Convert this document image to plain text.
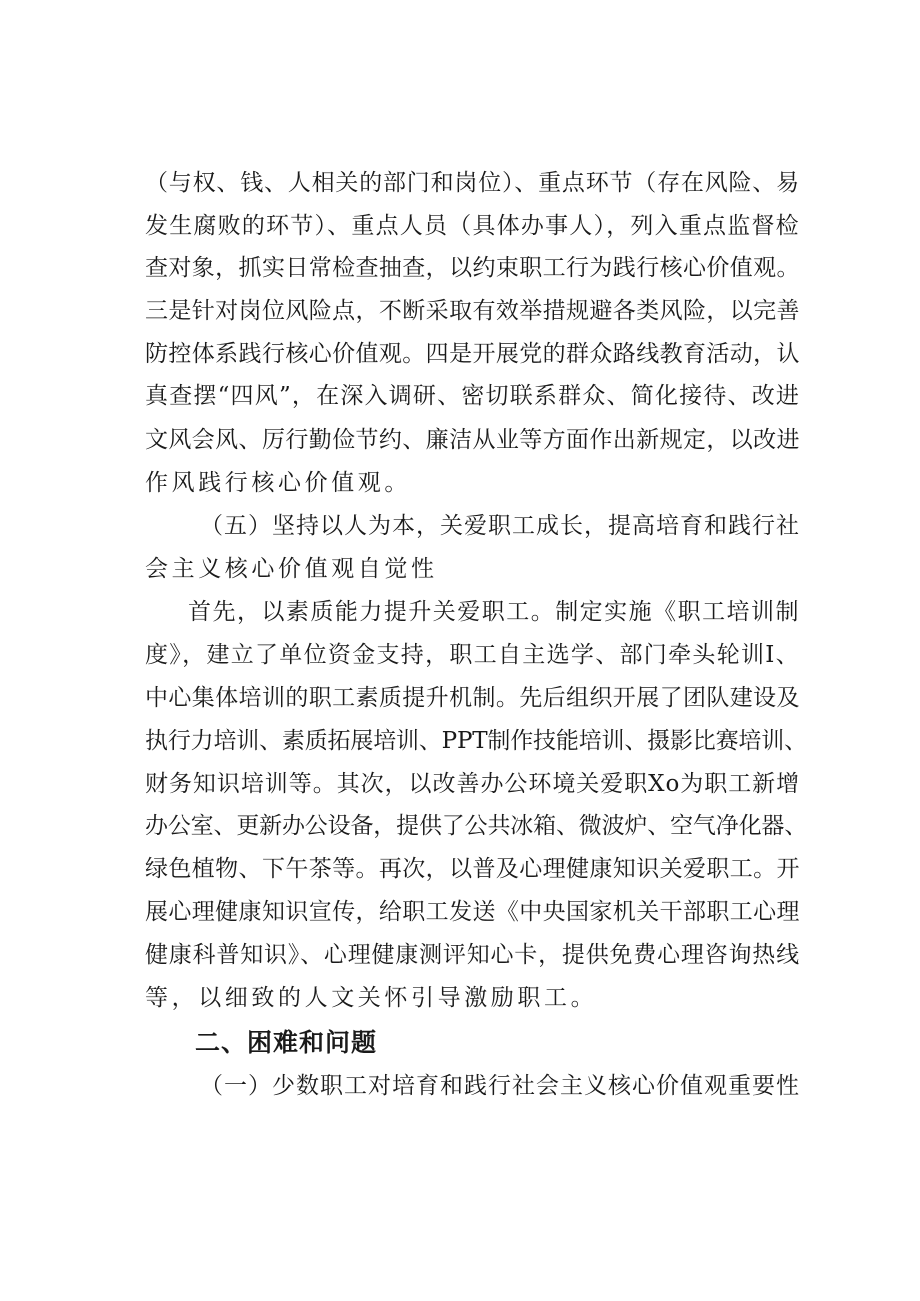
（与权、钱、人相关的部门和岗位）、重点环节（存在风险、易
发生腐败的环节）、重点人员（具体办事人），列入重点监督检
查对象，抓实日常检查抽查，以约束职工行为践行核心价值观。
三是针对岗位风险点，不断采取有效举措规避各类风险，以完善
防控体系践行核心价值观。四是开展党的群众路线教育活动，认
真查摆“四风”，在深入调研、密切联系群众、简化接待、改进
文风会风、厉行勤俭节约、廉洁从业等方面作出新规定，以改进
作风践行核心价值观。
（五）坚持以人为本，关爱职工成长，提高培育和践行社
会主义核心价值观自觉性
首先，以素质能力提升关爱职工。制定实施《职工培训制
度》，建立了单位资金支持，职工自主选学、部门牵头轮训I、
中心集体培训的职工素质提升机制。先后组织开展了团队建设及
执行力培训、素质拓展培训、PPT制作技能培训、摄影比赛培训、
财务知识培训等。其次，以改善办公环境关爱职Xo为职工新增
办公室、更新办公设备，提供了公共冰箱、微波炉、空气净化器、
绿色植物、下午茶等。再次，以普及心理健康知识关爱职工。开
展心理健康知识宣传，给职工发送《中央国家机关干部职工心理
健康科普知识》、心理健康测评知心卡，提供免费心理咨询热线
等，以细致的人文关怀引导激励职工。
二、困难和问题
（一）少数职工对培育和践行社会主义核心价值观重要性
